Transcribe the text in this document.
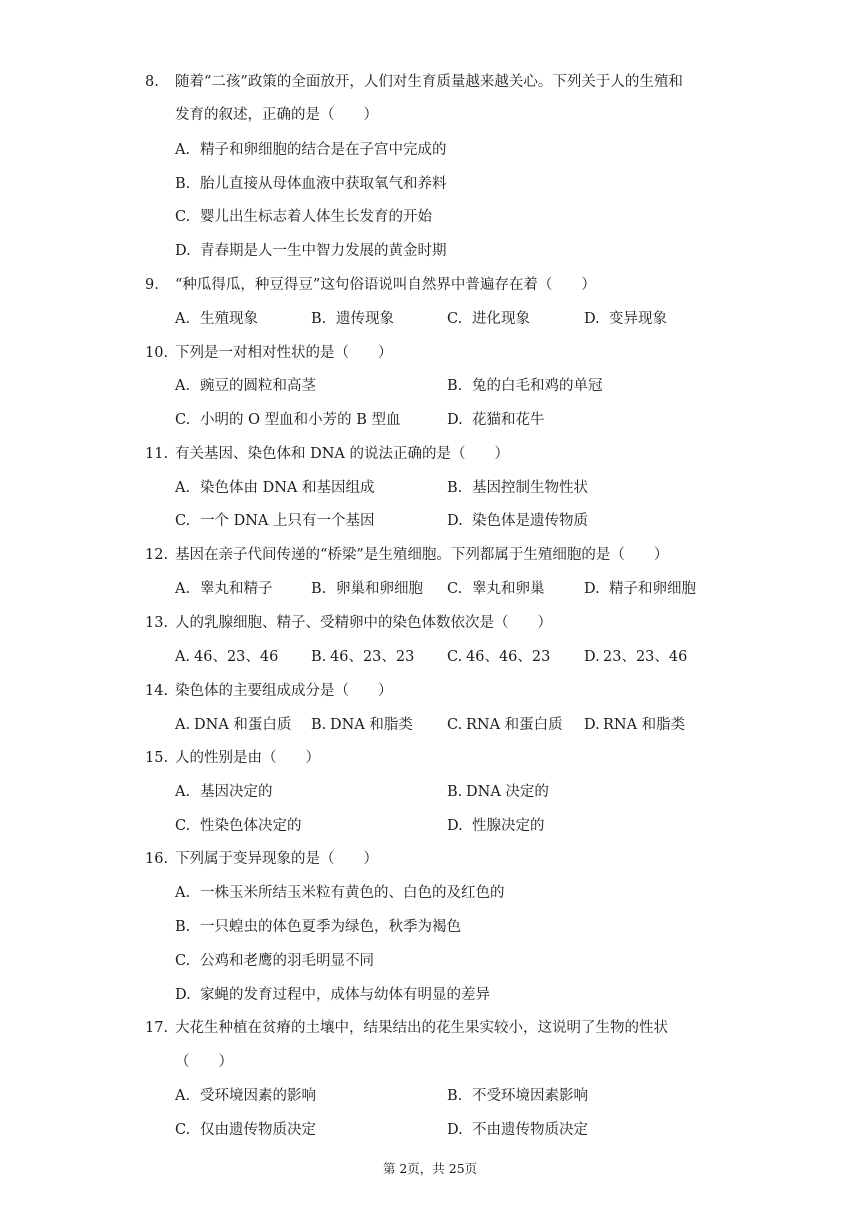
8. 随着“二孩”政策的全面放开，人们对生育质量越来越关心。下列关于人的生殖和
发育的叙述，正确的是（　　）
A. 精子和卵细胞的结合是在子宫中完成的
B. 胎儿直接从母体血液中获取氧气和养料
C. 婴儿出生标志着人体生长发育的开始
D. 青春期是人一生中智力发展的黄金时期
9. “种瓜得瓜，种豆得豆”这句俗语说叫自然界中普遍存在着（　　）
A. 生殖现象	B. 遗传现象	C. 进化现象	D. 变异现象
10. 下列是一对相对性状的是（　　）
A. 豌豆的圆粒和高茎	B. 兔的白毛和鸡的单冠
C. 小明的 O 型血和小芳的 B 型血	D. 花猫和花牛
11. 有关基因、染色体和 DNA 的说法正确的是（　　）
A. 染色体由 DNA 和基因组成	B. 基因控制生物性状
C. 一个 DNA 上只有一个基因	D. 染色体是遗传物质
12. 基因在亲子代间传递的“桥梁”是生殖细胞。下列都属于生殖细胞的是（　　）
A. 睾丸和精子	B. 卵巢和卵细胞 C. 睾丸和卵巢	D. 精子和卵细胞
13. 人的乳腺细胞、精子、受精卵中的染色体数依次是（　　）
A. 46、23、46 B. 46、23、23 C. 46、46、23 D. 23、23、46
14. 染色体的主要组成成分是（　　）
A. DNA 和蛋白质 B. DNA 和脂类 C. RNA 和蛋白质 D. RNA 和脂类
15. 人的性别是由（　　）
A. 基因决定的	B. DNA 决定的
C. 性染色体决定的	D. 性腺决定的
16. 下列属于变异现象的是（　　）
A. 一株玉米所结玉米粒有黄色的、白色的及红色的
B. 一只蝗虫的体色夏季为绿色，秋季为褐色
C. 公鸡和老鹰的羽毛明显不同
D. 家蝇的发育过程中，成体与幼体有明显的差异
17. 大花生种植在贫瘠的土壤中，结果结出的花生果实较小，这说明了生物的性状
（　　）
A. 受环境因素的影响	B. 不受环境因素影响
C. 仅由遗传物质决定	D. 不由遗传物质决定
第 2页，共 25页
